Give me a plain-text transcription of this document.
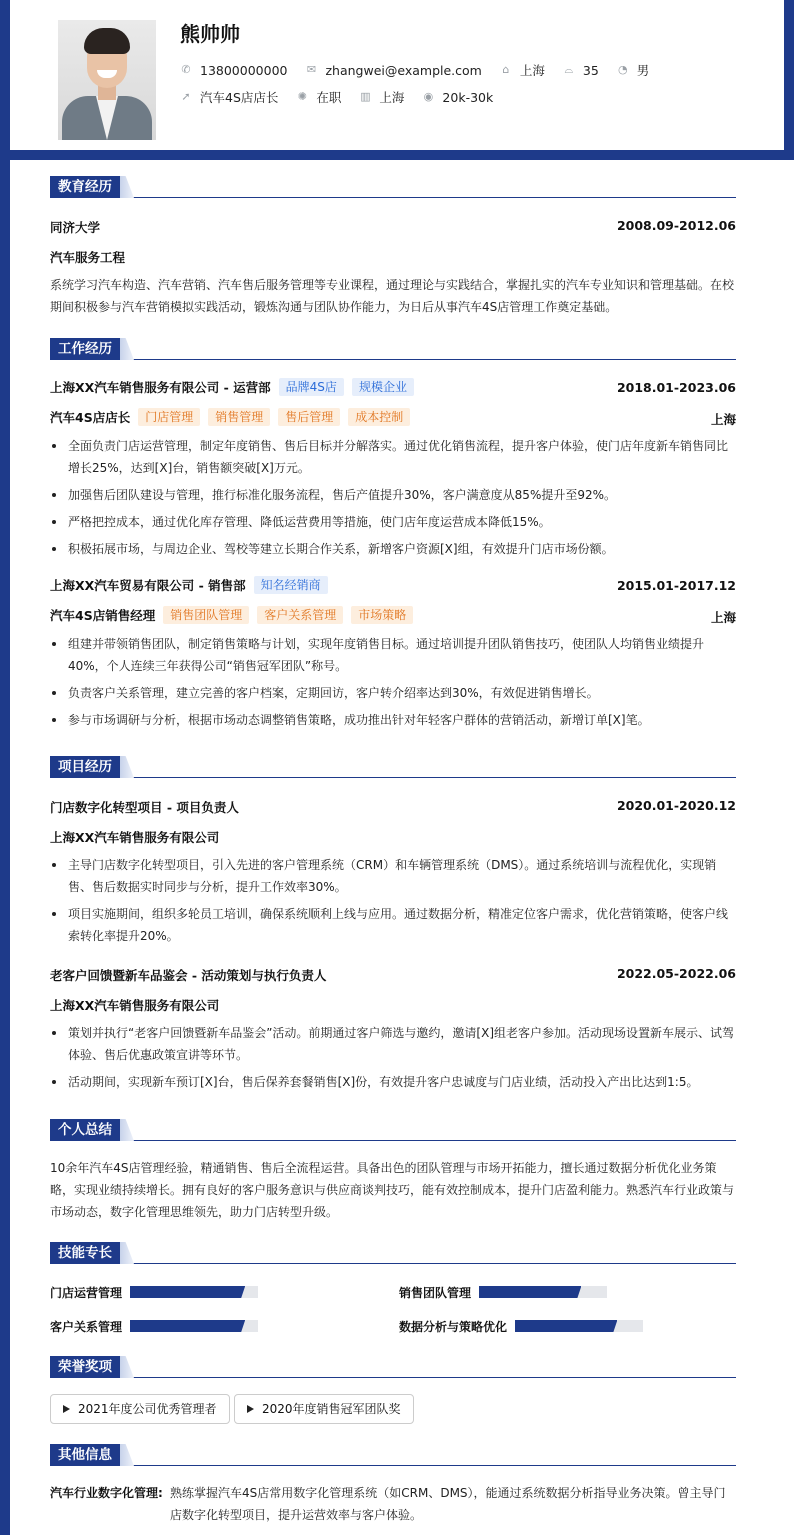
熊帅帅
✆ 13800000000 ✉ zhangwei@example.com ⌂ 上海 ⌓ 35 ◔ 男
➚ 汽车4S店店长 ✺ 在职 ▥ 上海 ◉ 20k-30k
教育经历
同济大学	2008.09-2012.06
汽车服务工程
系统学习汽车构造、汽车营销、汽车售后服务管理等专业课程，通过理论与实践结合，掌握扎实的汽车专业知识和管理基础。在校期间积极参与汽车营销模拟实践活动，锻炼沟通与团队协作能力，为日后从事汽车4S店管理工作奠定基础。
工作经历
上海XX汽车销售服务有限公司 - 运营部	品牌4S店	规模企业	2018.01-2023.06
汽车4S店店长	门店管理	销售管理	售后管理	成本控制	上海
全面负责门店运营管理，制定年度销售、售后目标并分解落实。通过优化销售流程，提升客户体验，使门店年度新车销售同比增长25%，达到[X]台，销售额突破[X]万元。
加强售后团队建设与管理，推行标准化服务流程，售后产值提升30%，客户满意度从85%提升至92%。
严格把控成本，通过优化库存管理、降低运营费用等措施，使门店年度运营成本降低15%。
积极拓展市场，与周边企业、驾校等建立长期合作关系，新增客户资源[X]组，有效提升门店市场份额。
上海XX汽车贸易有限公司 - 销售部	知名经销商	2015.01-2017.12
汽车4S店销售经理	销售团队管理	客户关系管理	市场策略	上海
组建并带领销售团队，制定销售策略与计划，实现年度销售目标。通过培训提升团队销售技巧，使团队人均销售业绩提升40%，个人连续三年获得公司“销售冠军团队”称号。
负责客户关系管理，建立完善的客户档案，定期回访，客户转介绍率达到30%，有效促进销售增长。
参与市场调研与分析，根据市场动态调整销售策略，成功推出针对年轻客户群体的营销活动，新增订单[X]笔。
项目经历
门店数字化转型项目 - 项目负责人	2020.01-2020.12
上海XX汽车销售服务有限公司
主导门店数字化转型项目，引入先进的客户管理系统（CRM）和车辆管理系统（DMS）。通过系统培训与流程优化，实现销售、售后数据实时同步与分析，提升工作效率30%。
项目实施期间，组织多轮员工培训，确保系统顺利上线与应用。通过数据分析，精准定位客户需求，优化营销策略，使客户线索转化率提升20%。
老客户回馈暨新车品鉴会 - 活动策划与执行负责人	2022.05-2022.06
上海XX汽车销售服务有限公司
策划并执行“老客户回馈暨新车品鉴会”活动。前期通过客户筛选与邀约，邀请[X]组老客户参加。活动现场设置新车展示、试驾体验、售后优惠政策宣讲等环节。
活动期间，实现新车预订[X]台，售后保养套餐销售[X]份，有效提升客户忠诚度与门店业绩，活动投入产出比达到1:5。
个人总结
10余年汽车4S店管理经验，精通销售、售后全流程运营。具备出色的团队管理与市场开拓能力，擅长通过数据分析优化业务策略，实现业绩持续增长。拥有良好的客户服务意识与供应商谈判技巧，能有效控制成本，提升门店盈利能力。熟悉汽车行业政策与市场动态，数字化管理思维领先，助力门店转型升级。
技能专长
门店运营管理	销售团队管理
客户关系管理	数据分析与策略优化
荣誉奖项
2021年度公司优秀管理者	2020年度销售冠军团队奖
其他信息
汽车行业数字化管理: 熟练掌握汽车4S店常用数字化管理系统（如CRM、DMS），能通过系统数据分析指导业务决策。曾主导门店数字化转型项目，提升运营效率与客户体验。
